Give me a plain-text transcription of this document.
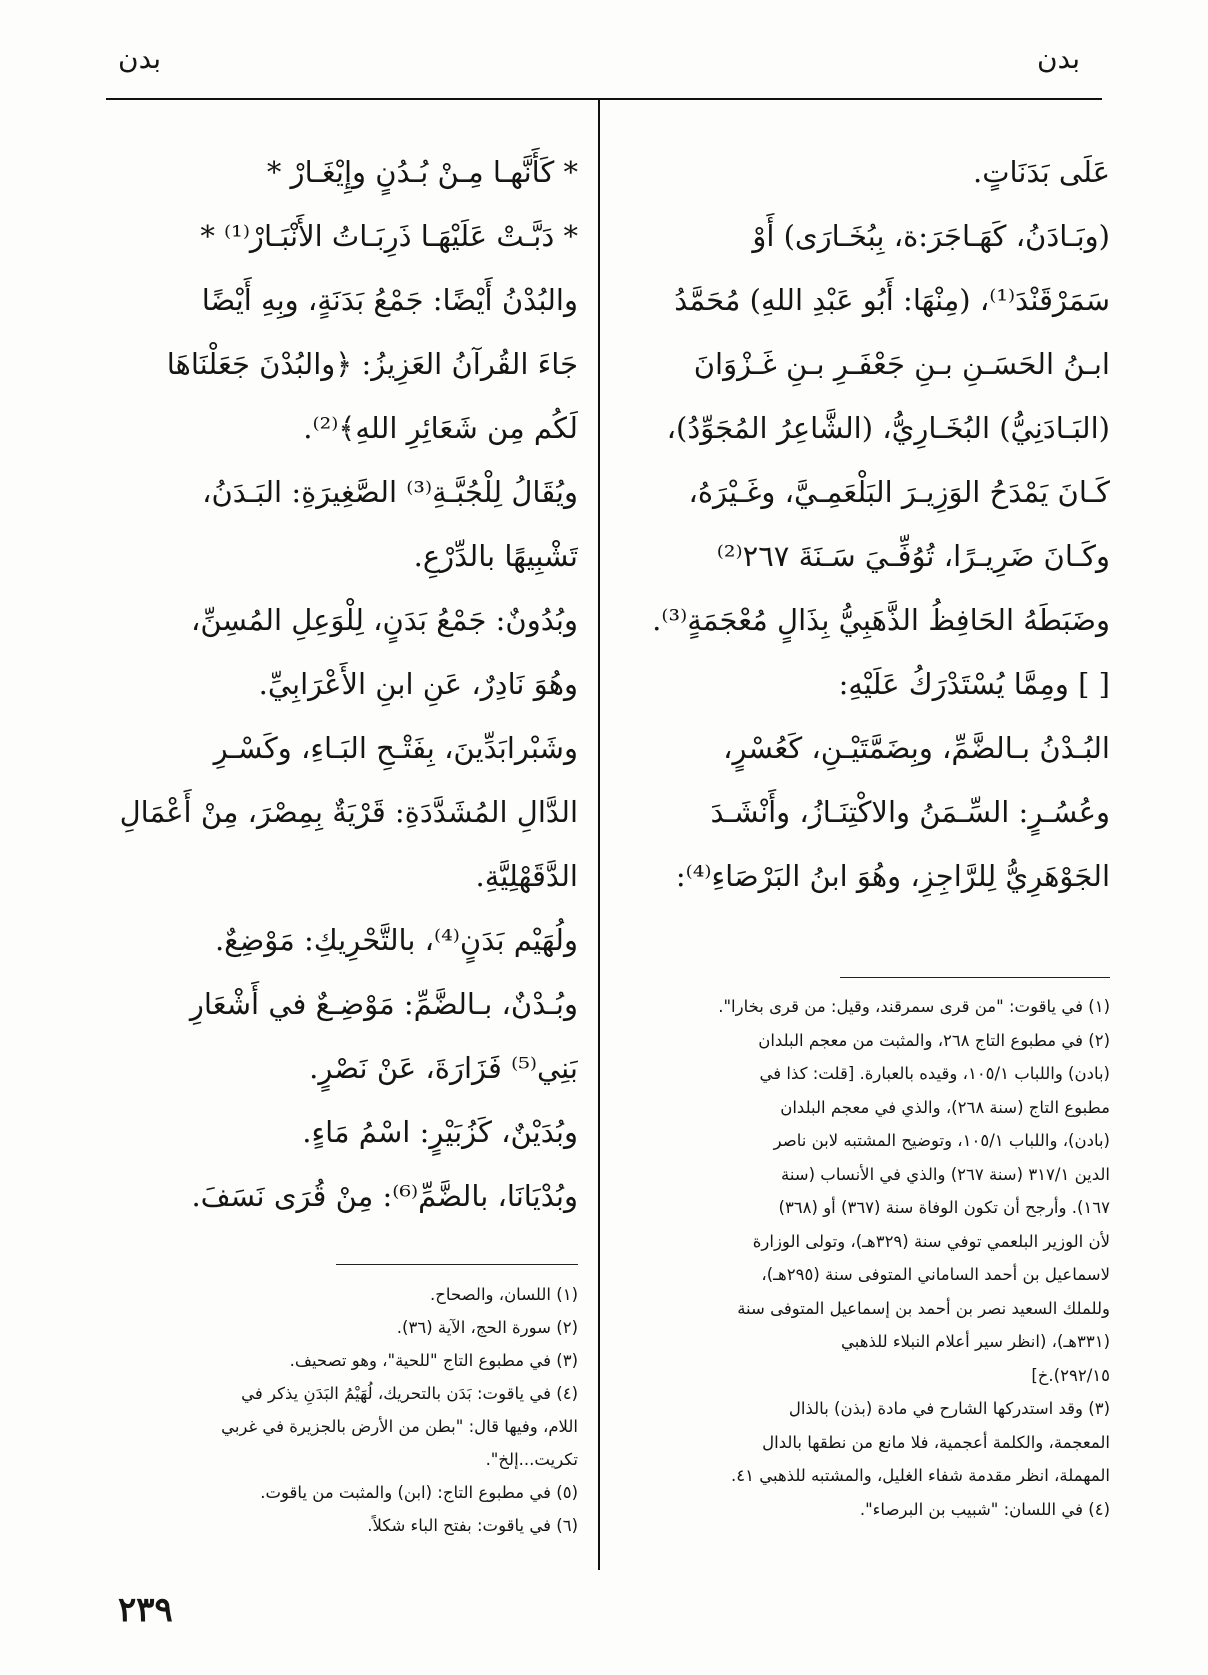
بدن	بدن
عَلَى بَدَنَاتٍ.
(وبَـادَنُ، كَهَـاجَرَ:ة، بِبُخَـارَى) أَوْ
سَمَرْقَنْدَ⁽¹⁾، (مِنْهَا: أَبُو عَبْدِ اللهِ) مُحَمَّدُ
ابـنُ الحَسَـنِ بـنِ جَعْفَـرِ بـنِ غَـزْوَانَ
(البَـادَنِيُّ) البُخَـارِيُّ، (الشَّاعِرُ المُجَوِّدُ)،
كَـانَ يَمْدَحُ الوَزِيـرَ البَلْعَمِـيَّ، وغَـيْرَهُ،
وكَـانَ ضَرِيـرًا، تُوُفِّـيَ سَـنَةَ ٢٦٧⁽²⁾
وضَبَطَهُ الحَافِظُ الذَّهَبِيُّ بِذَالٍ مُعْجَمَةٍ⁽³⁾.
[ ] ومِمَّا يُسْتَدْرَكُ عَلَيْهِ:
البُـدْنُ بـالضَّمِّ، وبِضَمَّتَيْـنِ، كَعُسْرٍ،
وعُسُـرٍ: السِّـمَنُ والاكْتِنَـازُ، وأَنْشَـدَ
الجَوْهَرِيُّ لِلرَّاجِزِ، وهُوَ ابنُ البَرْصَاءِ⁽⁴⁾:
(١) في ياقوت: "من قرى سمرقند، وقيل: من قرى بخارا".
(٢) في مطبوع التاج ٢٦٨، والمثبت من معجم البلدان
(بادن) واللباب ١٠٥/١، وقيده بالعبارة. [قلت: كذا في
مطبوع التاج (سنة ٢٦٨)، والذي في معجم البلدان
(بادن)، واللباب ١٠٥/١، وتوضيح المشتبه لابن ناصر
الدين ٣١٧/١ (سنة ٢٦٧) والذي في الأنساب (سنة
١٦٧). وأرجح أن تكون الوفاة سنة (٣٦٧) أو (٣٦٨)
لأن الوزير البلعمي توفي سنة (٣٢٩هـ)، وتولى الوزارة
لاسماعيل بن أحمد الساماني المتوفى سنة (٢٩٥هـ)،
وللملك السعيد نصر بن أحمد بن إسماعيل المتوفى سنة
(٣٣١هـ)، (انظر سير أعلام النبلاء للذهبي
٢٩٢/١٥).خ]
(٣) وقد استدركها الشارح في مادة (بذن) بالذال
المعجمة، والكلمة أعجمية، فلا مانع من نطقها بالدال
المهملة، انظر مقدمة شفاء الغليل، والمشتبه للذهبي ٤١.
(٤) في اللسان: "شبيب بن البرصاء".
* كَأَنَّهـا مِـنْ بُـدُنٍ وإِيْغَـارْ *
* دَبَّـتْ عَلَيْهَـا ذَرِبَـاتُ الأَنْبَـارْ⁽¹⁾ *
والبُدْنُ أَيْضًا: جَمْعُ بَدَنَةٍ، وبِهِ أَيْضًا
جَاءَ القُرآنُ العَزِيزُ: ﴿والبُدْنَ جَعَلْنَاهَا
لَكُم مِن شَعَائِرِ اللهِ﴾⁽²⁾.
ويُقَالُ لِلْجُبَّـةِ⁽³⁾ الصَّغِيرَةِ: البَـدَنُ،
تَشْبِيهًا بالدِّرْعِ.
وبُدُونٌ: جَمْعُ بَدَنٍ، لِلْوَعِلِ المُسِنِّ،
وهُوَ نَادِرٌ، عَنِ ابنِ الأَعْرَابِيِّ.
وشَبْرابَدِّينَ، بِفَتْـحِ البَـاءِ، وكَسْـرِ
الدَّالِ المُشَدَّدَةِ: قَرْيَةٌ بِمِصْرَ، مِنْ أَعْمَالِ
الدَّقَهْلِيَّةِ.
ولُهَيْم بَدَنٍ⁽⁴⁾، بالتَّحْرِيكِ: مَوْضِعٌ.
وبُـدْنٌ، بـالضَّمِّ: مَوْضِـعٌ في أَشْعَارِ
بَنِي⁽⁵⁾ فَزَارَةَ، عَنْ نَصْرٍ.
وبُدَيْنٌ، كَزُبَيْرٍ: اسْمُ مَاءٍ.
وبُدْيَانَا، بالضَّمِّ⁽⁶⁾: مِنْ قُرَى نَسَفَ.
(١) اللسان، والصحاح.
(٢) سورة الحج، الآية (٣٦).
(٣) في مطبوع التاج "للحية"، وهو تصحيف.
(٤) في ياقوت: بَدَن بالتحريك، لُهَيْمُ البَدَنِ يذكر في
اللام، وفيها قال: "بطن من الأرض بالجزيرة في غربي
تكريت...إلخ".
(٥) في مطبوع التاج: (ابن) والمثبت من ياقوت.
(٦) في ياقوت: بفتح الباء شكلاً.
٢٣٩
